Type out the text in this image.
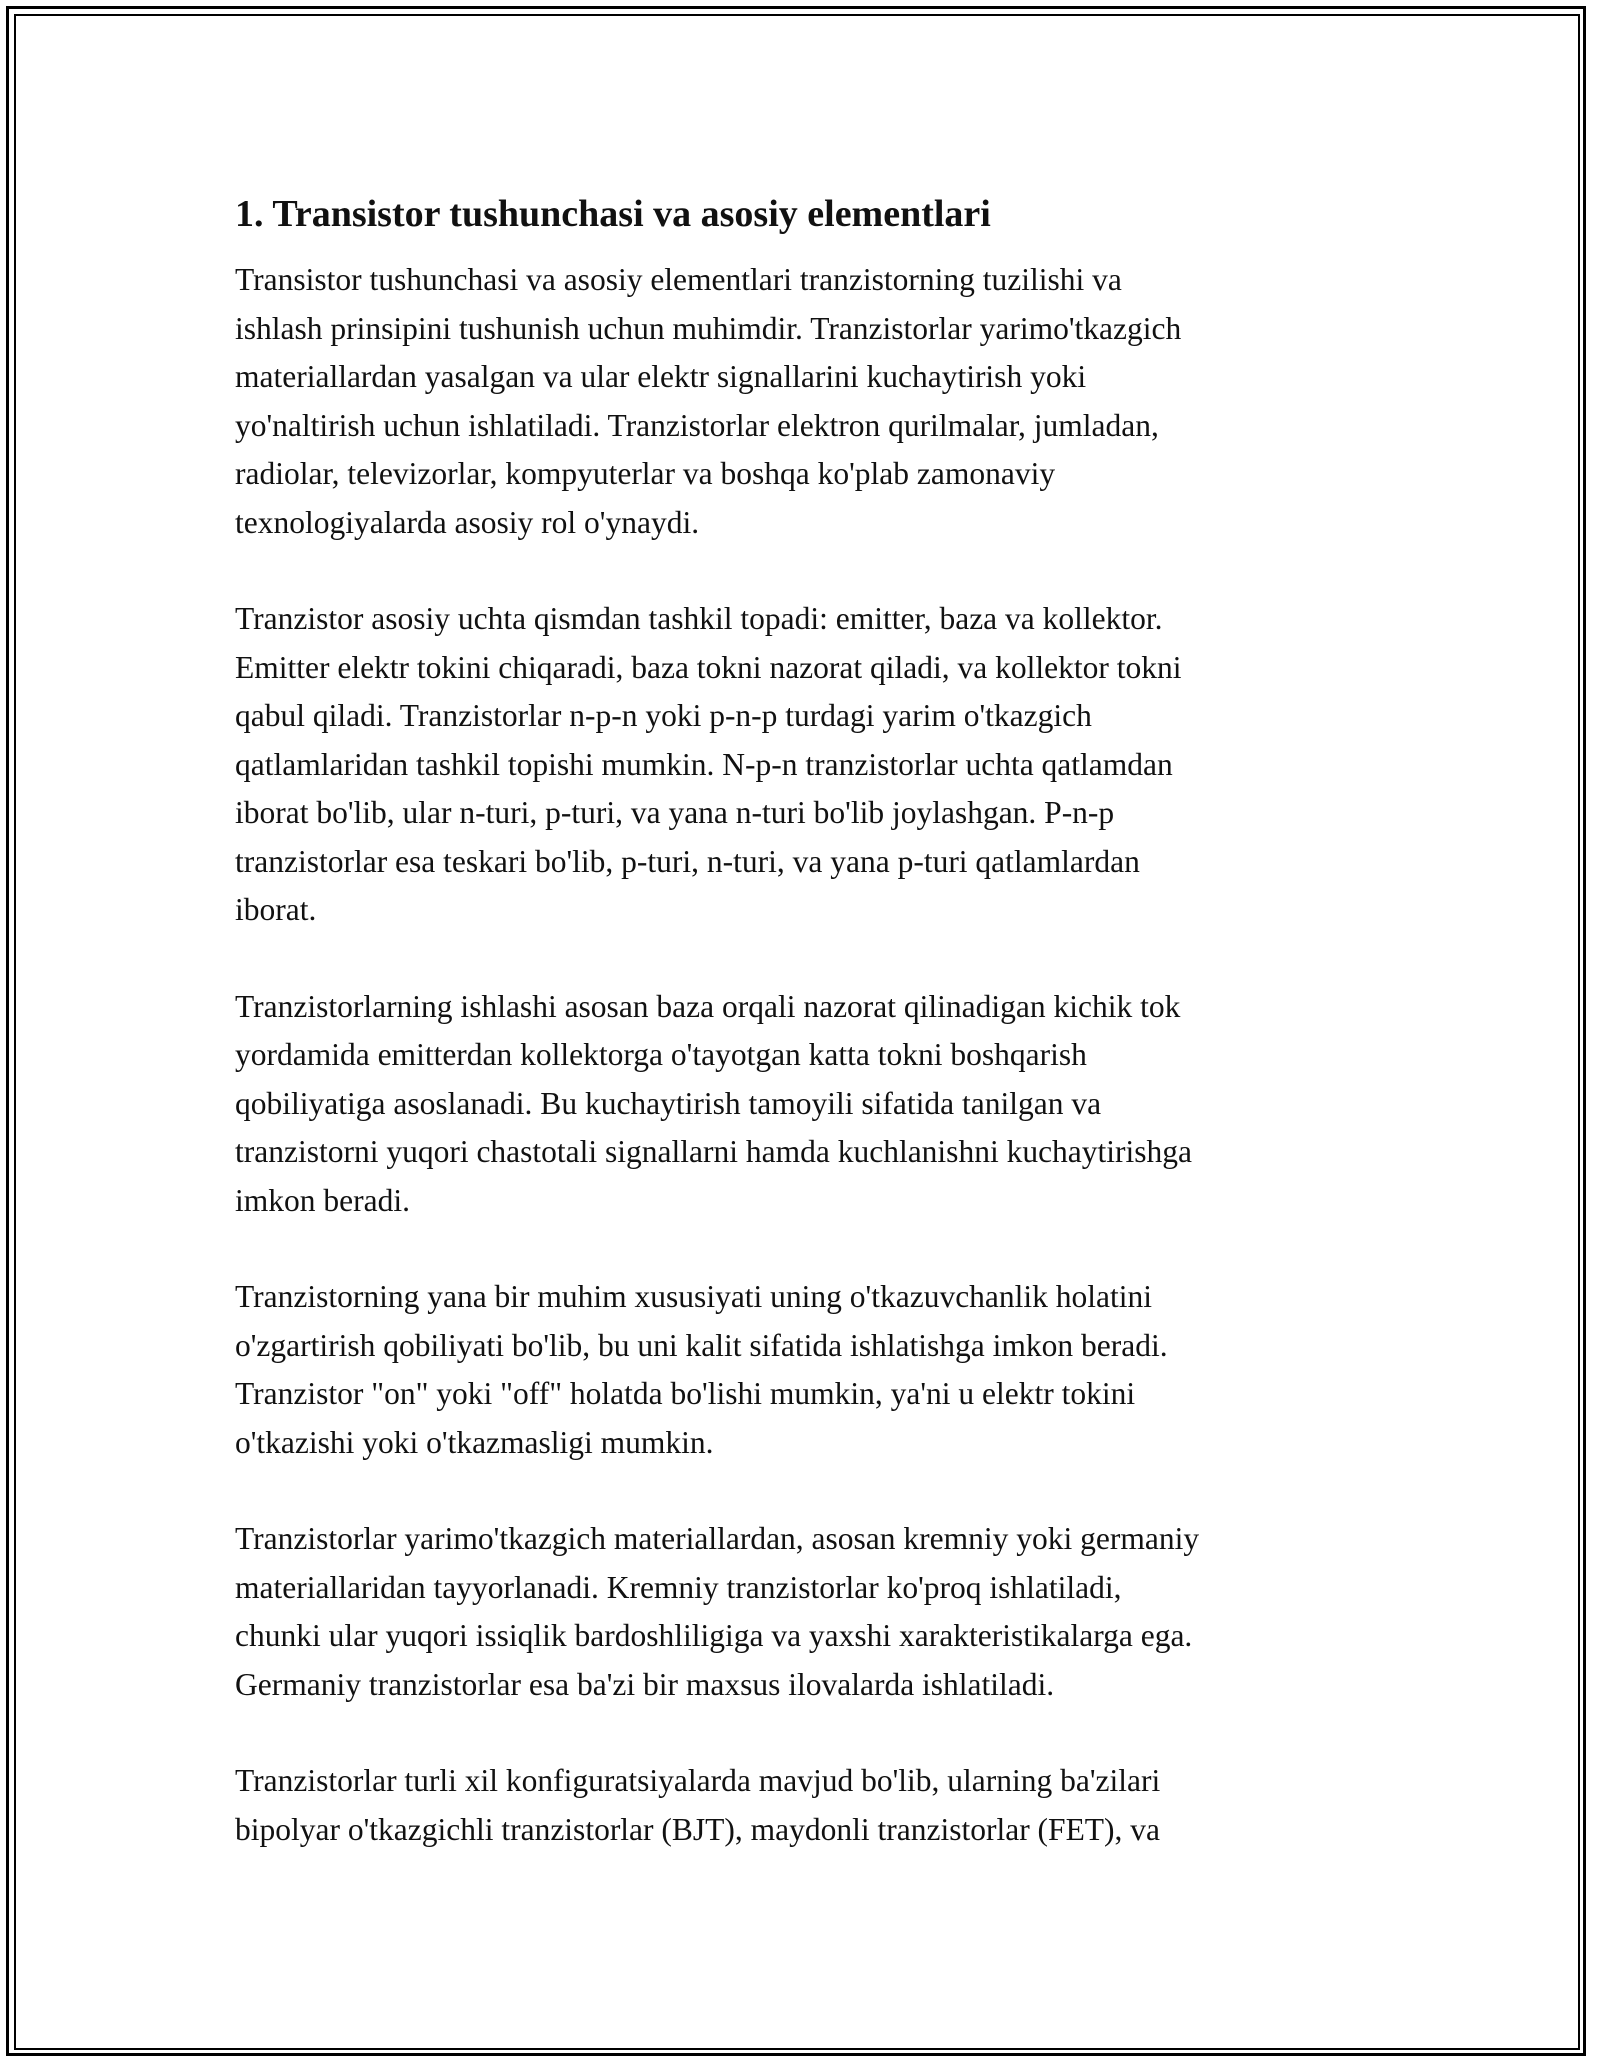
1. Transistor tushunchasi va asosiy elementlari
Transistor tushunchasi va asosiy elementlari tranzistorning tuzilishi va
ishlash prinsipini tushunish uchun muhimdir. Tranzistorlar yarimo'tkazgich
materiallardan yasalgan va ular elektr signallarini kuchaytirish yoki
yo'naltirish uchun ishlatiladi. Tranzistorlar elektron qurilmalar, jumladan,
radiolar, televizorlar, kompyuterlar va boshqa ko'plab zamonaviy
texnologiyalarda asosiy rol o'ynaydi.
Tranzistor asosiy uchta qismdan tashkil topadi: emitter, baza va kollektor.
Emitter elektr tokini chiqaradi, baza tokni nazorat qiladi, va kollektor tokni
qabul qiladi. Tranzistorlar n-p-n yoki p-n-p turdagi yarim o'tkazgich
qatlamlaridan tashkil topishi mumkin. N-p-n tranzistorlar uchta qatlamdan
iborat bo'lib, ular n-turi, p-turi, va yana n-turi bo'lib joylashgan. P-n-p
tranzistorlar esa teskari bo'lib, p-turi, n-turi, va yana p-turi qatlamlardan
iborat.
Tranzistorlarning ishlashi asosan baza orqali nazorat qilinadigan kichik tok
yordamida emitterdan kollektorga o'tayotgan katta tokni boshqarish
qobiliyatiga asoslanadi. Bu kuchaytirish tamoyili sifatida tanilgan va
tranzistorni yuqori chastotali signallarni hamda kuchlanishni kuchaytirishga
imkon beradi.
Tranzistorning yana bir muhim xususiyati uning o'tkazuvchanlik holatini
o'zgartirish qobiliyati bo'lib, bu uni kalit sifatida ishlatishga imkon beradi.
Tranzistor "on" yoki "off" holatda bo'lishi mumkin, ya'ni u elektr tokini
o'tkazishi yoki o'tkazmasligi mumkin.
Tranzistorlar yarimo'tkazgich materiallardan, asosan kremniy yoki germaniy
materiallaridan tayyorlanadi. Kremniy tranzistorlar ko'proq ishlatiladi,
chunki ular yuqori issiqlik bardoshliligiga va yaxshi xarakteristikalarga ega.
Germaniy tranzistorlar esa ba'zi bir maxsus ilovalarda ishlatiladi.
Tranzistorlar turli xil konfiguratsiyalarda mavjud bo'lib, ularning ba'zilari
bipolyar o'tkazgichli tranzistorlar (BJT), maydonli tranzistorlar (FET), va
